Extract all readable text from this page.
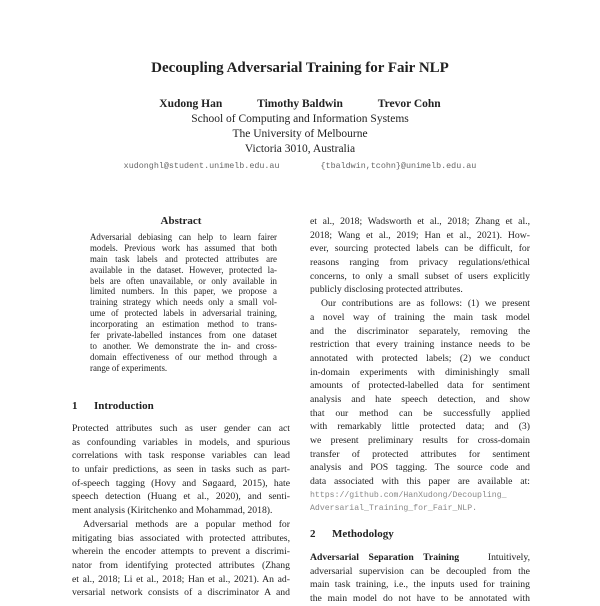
Decoupling Adversarial Training for Fair NLP
Xudong Han	Timothy Baldwin	Trevor Cohn
School of Computing and Information Systems
The University of Melbourne
Victoria 3010, Australia
xudonghl@student.unimelb.edu.au	{tbaldwin,tcohn}@unimelb.edu.au
Abstract
Adversarial debiasing can help to learn fairer
models. Previous work has assumed that both
main task labels and protected attributes are
available in the dataset. However, protected la-
bels are often unavailable, or only available in
limited numbers. In this paper, we propose a
training strategy which needs only a small vol-
ume of protected labels in adversarial training,
incorporating an estimation method to trans-
fer private-labelled instances from one dataset
to another. We demonstrate the in- and cross-
domain effectiveness of our method through a
range of experiments.
1 Introduction
Protected attributes such as user gender can act
as confounding variables in models, and spurious
correlations with task response variables can lead
to unfair predictions, as seen in tasks such as part-
of-speech tagging (Hovy and Søgaard, 2015), hate
speech detection (Huang et al., 2020), and senti-
ment analysis (Kiritchenko and Mohammad, 2018).
Adversarial methods are a popular method for
mitigating bias associated with protected attributes,
wherein the encoder attempts to prevent a discrimi-
nator from identifying protected attributes (Zhang
et al., 2018; Li et al., 2018; Han et al., 2021). An ad-
versarial network consists of a discriminator A and
et al., 2018; Wadsworth et al., 2018; Zhang et al.,
2018; Wang et al., 2019; Han et al., 2021). How-
ever, sourcing protected labels can be difficult, for
reasons ranging from privacy regulations/ethical
concerns, to only a small subset of users explicitly
publicly disclosing protected attributes.
Our contributions are as follows: (1) we present
a novel way of training the main task model
and the discriminator separately, removing the
restriction that every training instance needs to be
annotated with protected labels; (2) we conduct
in-domain experiments with diminishingly small
amounts of protected-labelled data for sentiment
analysis and hate speech detection, and show
that our method can be successfully applied
with remarkably little protected data; and (3)
we present preliminary results for cross-domain
transfer of protected attributes for sentiment
analysis and POS tagging. The source code and
data associated with this paper are available at:
https://github.com/HanXudong/Decoupling_
Adversarial_Training_for_Fair_NLP.
2 Methodology
Adversarial Separation Training	Intuitively,
adversarial supervision can be decoupled from the
main task training, i.e., the inputs used for training
the main model do not have to be annotated with
